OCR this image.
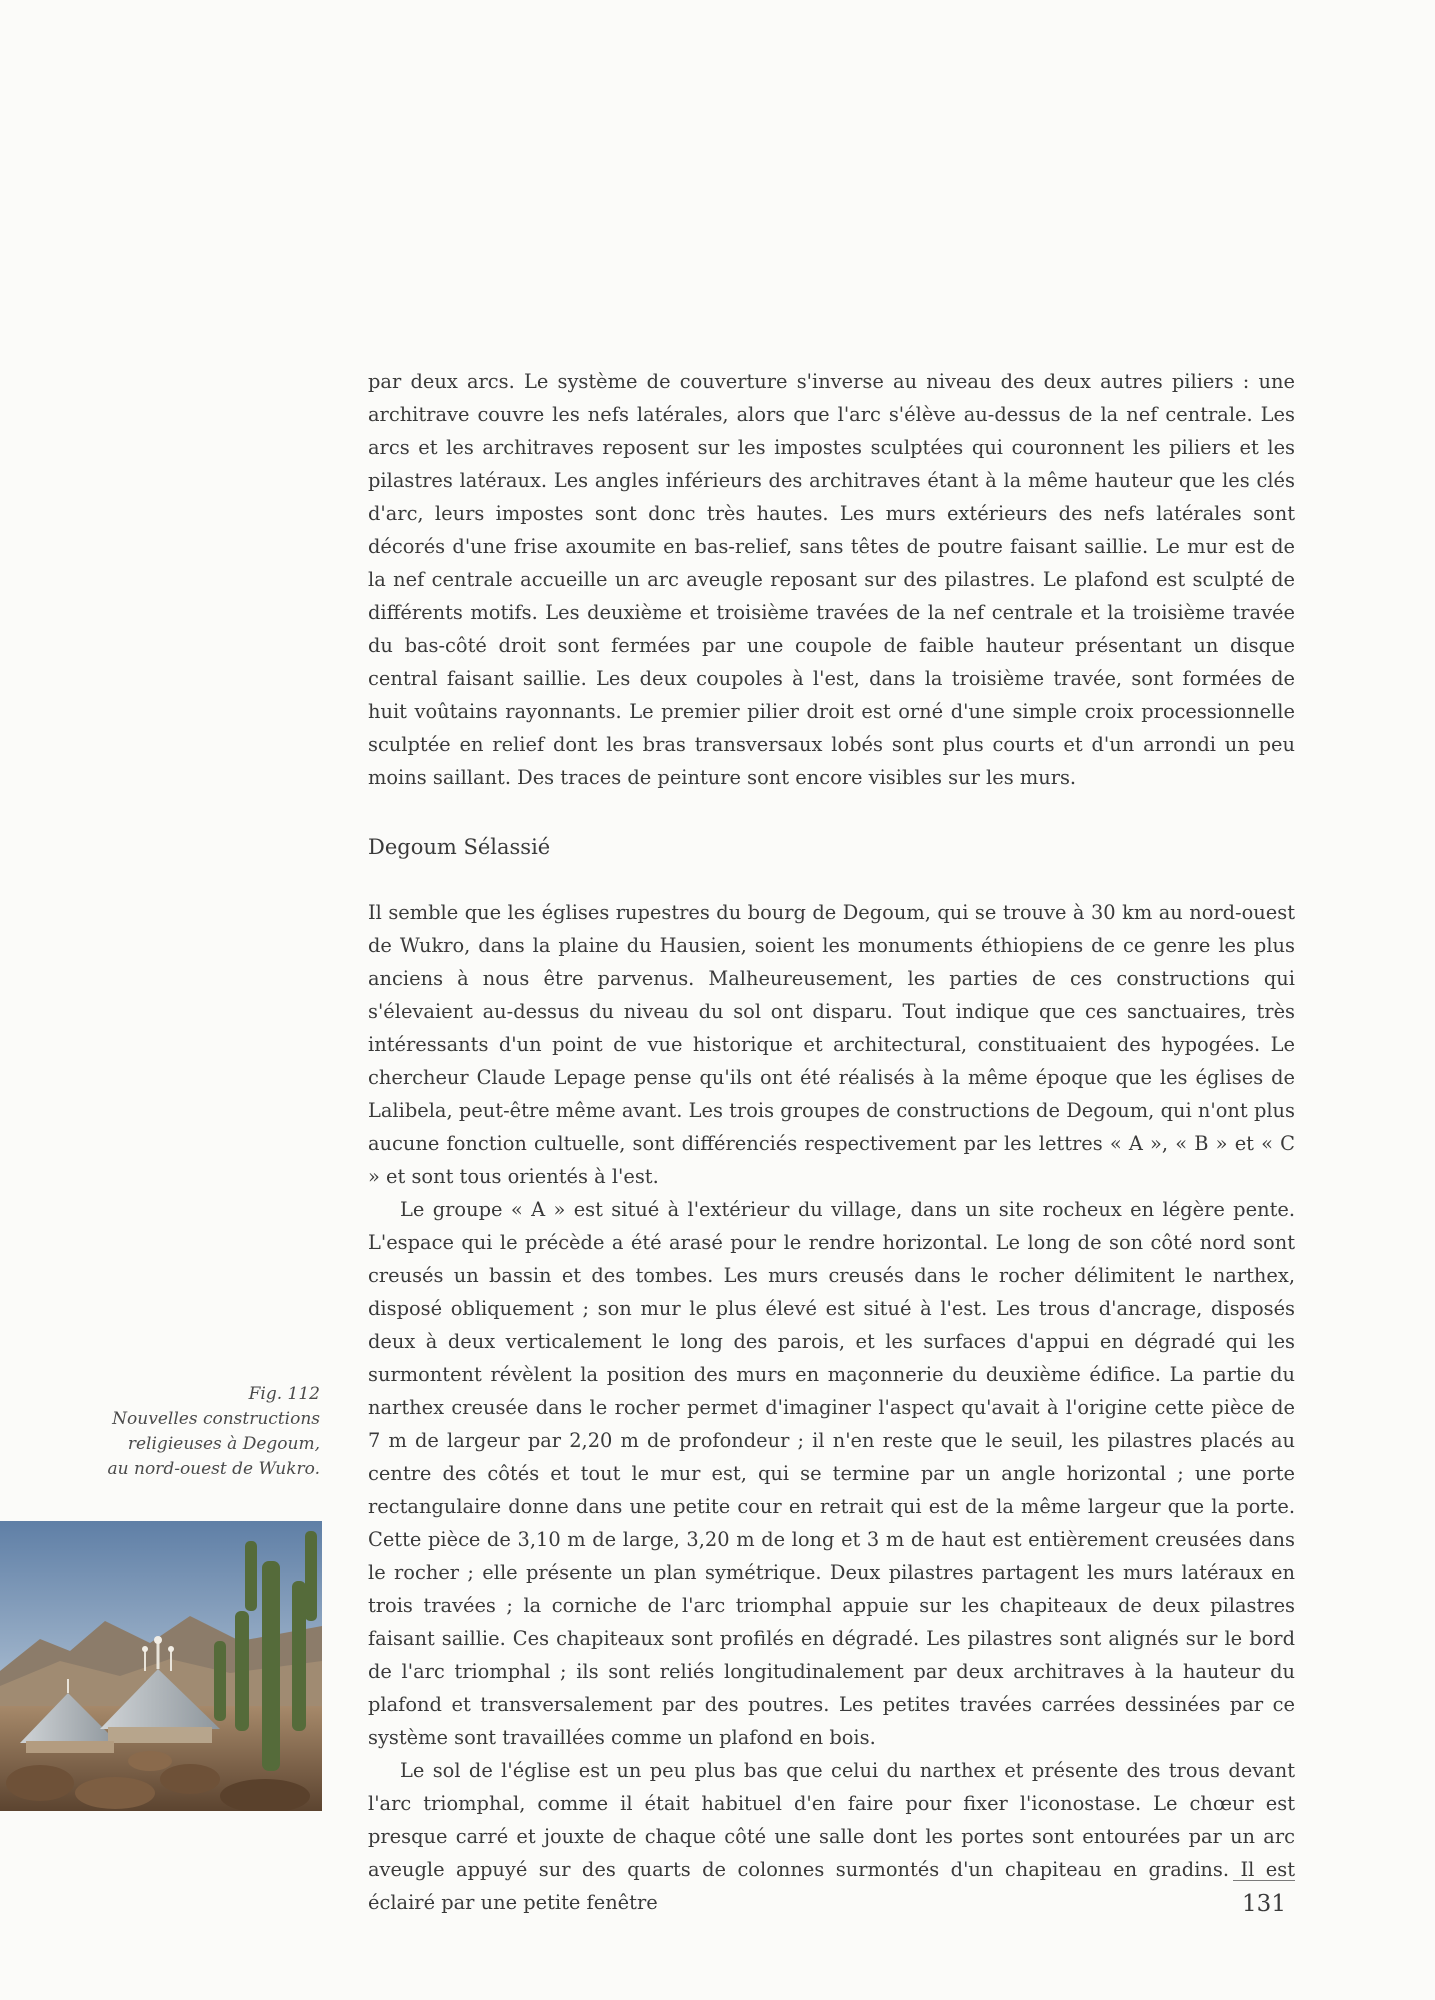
par deux arcs. Le système de couverture s'inverse au niveau des deux autres piliers : une architrave couvre les nefs latérales, alors que l'arc s'élève au-dessus de la nef centrale. Les arcs et les architraves reposent sur les impostes sculptées qui couronnent les piliers et les pilastres latéraux. Les angles inférieurs des architraves étant à la même hauteur que les clés d'arc, leurs impostes sont donc très hautes. Les murs extérieurs des nefs latérales sont décorés d'une frise axoumite en bas-relief, sans têtes de poutre faisant saillie. Le mur est de la nef centrale accueille un arc aveugle reposant sur des pilastres. Le plafond est sculpté de différents motifs. Les deuxième et troisième travées de la nef centrale et la troisième travée du bas-côté droit sont fermées par une coupole de faible hauteur présentant un disque central faisant saillie. Les deux coupoles à l'est, dans la troisième travée, sont formées de huit voûtains rayonnants. Le premier pilier droit est orné d'une simple croix processionnelle sculptée en relief dont les bras transversaux lobés sont plus courts et d'un arrondi un peu moins saillant. Des traces de peinture sont encore visibles sur les murs.

Degoum Sélassié

Il semble que les églises rupestres du bourg de Degoum, qui se trouve à 30 km au nord-ouest de Wukro, dans la plaine du Hausien, soient les monuments éthiopiens de ce genre les plus anciens à nous être parvenus. Malheureusement, les parties de ces constructions qui s'élevaient au-dessus du niveau du sol ont disparu. Tout indique que ces sanctuaires, très intéressants d'un point de vue historique et architectural, constituaient des hypogées. Le chercheur Claude Lepage pense qu'ils ont été réalisés à la même époque que les églises de Lalibela, peut-être même avant. Les trois groupes de constructions de Degoum, qui n'ont plus aucune fonction cultuelle, sont différenciés respectivement par les lettres « A », « B » et « C » et sont tous orientés à l'est.

Le groupe « A » est situé à l'extérieur du village, dans un site rocheux en légère pente. L'espace qui le précède a été arasé pour le rendre horizontal. Le long de son côté nord sont creusés un bassin et des tombes. Les murs creusés dans le rocher délimitent le narthex, disposé obliquement ; son mur le plus élevé est situé à l'est. Les trous d'ancrage, disposés deux à deux verticalement le long des parois, et les surfaces d'appui en dégradé qui les surmontent révèlent la position des murs en maçonnerie du deuxième édifice. La partie du narthex creusée dans le rocher permet d'imaginer l'aspect qu'avait à l'origine cette pièce de 7 m de largeur par 2,20 m de profondeur ; il n'en reste que le seuil, les pilastres placés au centre des côtés et tout le mur est, qui se termine par un angle horizontal ; une porte rectangulaire donne dans une petite cour en retrait qui est de la même largeur que la porte. Cette pièce de 3,10 m de large, 3,20 m de long et 3 m de haut est entièrement creusées dans le rocher ; elle présente un plan symétrique. Deux pilastres partagent les murs latéraux en trois travées ; la corniche de l'arc triomphal appuie sur les chapiteaux de deux pilastres faisant saillie. Ces chapiteaux sont profilés en dégradé. Les pilastres sont alignés sur le bord de l'arc triomphal ; ils sont reliés longitudinalement par deux architraves à la hauteur du plafond et transversalement par des poutres. Les petites travées carrées dessinées par ce système sont travaillées comme un plafond en bois.

Le sol de l'église est un peu plus bas que celui du narthex et présente des trous devant l'arc triomphal, comme il était habituel d'en faire pour fixer l'iconostase. Le chœur est presque carré et jouxte de chaque côté une salle dont les portes sont entourées par un arc aveugle appuyé sur des quarts de colonnes surmontés d'un chapiteau en gradins. Il est éclairé par une petite fenêtre

Fig. 112
Nouvelles constructions
religieuses à Degoum,
au nord-ouest de Wukro.
131
